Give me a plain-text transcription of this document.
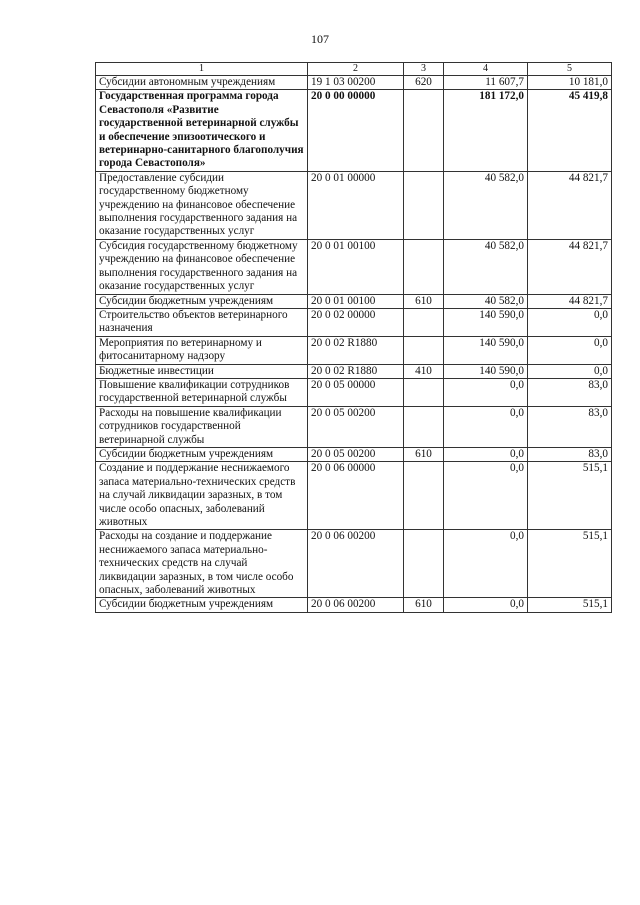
107
1	2	3	4	5
Субсидии автономным учреждениям	19 1 03 00200	620	11 607,7	10 181,0
Государственная программа города Севастополя «Развитие государственной ветеринарной службы и обеспечение эпизоотического и ветеринарно-санитарного благополучия города Севастополя»	20 0 00 00000		181 172,0	45 419,8
Предоставление субсидии государственному бюджетному учреждению на финансовое обеспечение выполнения государственного задания на оказание государственных услуг	20 0 01 00000		40 582,0	44 821,7
Субсидия государственному бюджетному учреждению на финансовое обеспечение выполнения государственного задания на оказание государственных услуг	20 0 01 00100		40 582,0	44 821,7
Субсидии бюджетным учреждениям	20 0 01 00100	610	40 582,0	44 821,7
Строительство объектов ветеринарного назначения	20 0 02 00000		140 590,0	0,0
Мероприятия по ветеринарному и фитосанитарному надзору	20 0 02 R1880		140 590,0	0,0
Бюджетные инвестиции	20 0 02 R1880	410	140 590,0	0,0
Повышение квалификации сотрудников государственной ветеринарной службы	20 0 05 00000		0,0	83,0
Расходы на повышение квалификации сотрудников государственной ветеринарной службы	20 0 05 00200		0,0	83,0
Субсидии бюджетным учреждениям	20 0 05 00200	610	0,0	83,0
Создание и поддержание неснижаемого запаса материально-технических средств на случай ликвидации заразных, в том числе особо опасных, заболеваний животных	20 0 06 00000		0,0	515,1
Расходы на создание и поддержание неснижаемого запаса материально-технических средств на случай ликвидации заразных, в том числе особо опасных, заболеваний животных	20 0 06 00200		0,0	515,1
Субсидии бюджетным учреждениям	20 0 06 00200	610	0,0	515,1
